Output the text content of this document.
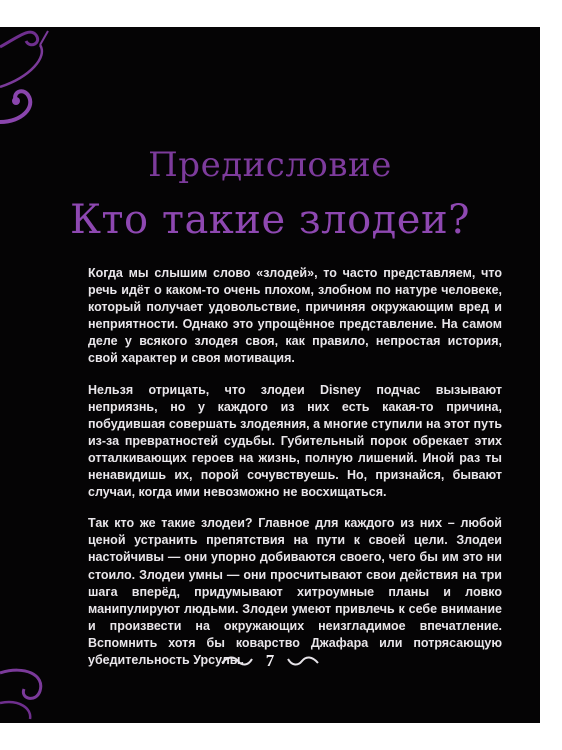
Предисловие
Кто такие злодеи?

Когда мы слышим слово «злодей», то часто представляем, что речь идёт о каком-то очень плохом, злобном по натуре человеке, который получает удовольствие, причиняя окружающим вред и неприятности. Однако это упрощённое представление. На самом деле у всякого злодея своя, как правило, непростая история, свой характер и своя мотивация.

Нельзя отрицать, что злодеи Disney подчас вызывают неприязнь, но у каждого из них есть какая-то причина, побудившая совершать злодеяния, а многие ступили на этот путь из-за превратностей судьбы. Губительный порок обрекает этих отталкивающих героев на жизнь, полную лишений. Иной раз ты ненавидишь их, порой сочувствуешь. Но, признайся, бывают случаи, когда ими невозможно не восхищаться.

Так кто же такие злодеи? Главное для каждого из них – любой ценой устранить препятствия на пути к своей цели. Злодеи настойчивы — они упорно добиваются своего, чего бы им это ни стоило. Злодеи умны — они просчитывают свои действия на три шага вперёд, придумывают хитроумные планы и ловко манипулируют людьми. Злодеи умеют привлечь к себе внимание и произвести на окружающих неизгладимое впечатление. Вспомнить хотя бы коварство Джафара или потрясающую убедительность Урсулы.	7
